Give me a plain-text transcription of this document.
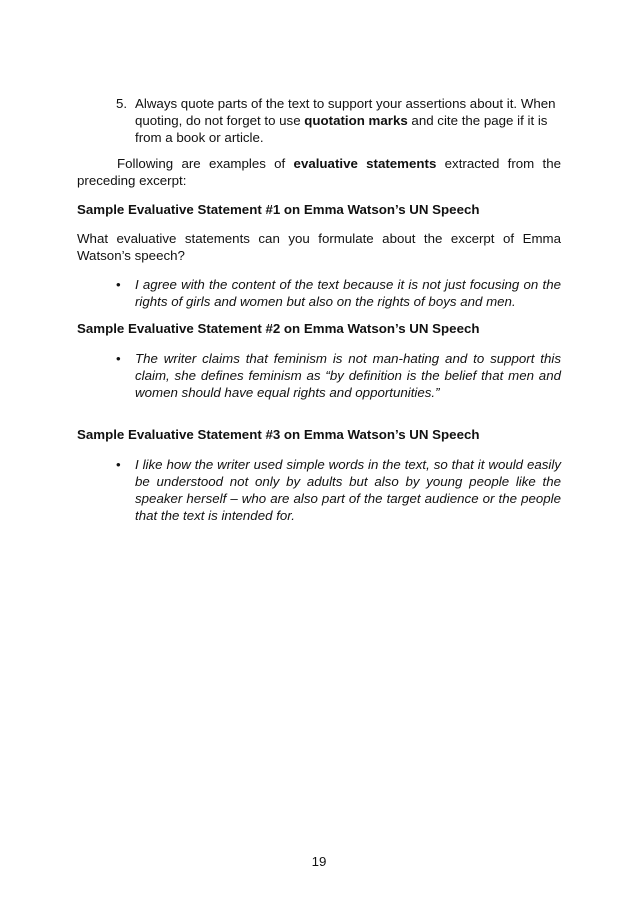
5. Always quote parts of the text to support your assertions about it. When quoting, do not forget to use quotation marks and cite the page if it is from a book or article.
Following are examples of evaluative statements extracted from the preceding excerpt:
Sample Evaluative Statement #1 on Emma Watson’s UN Speech
What evaluative statements can you formulate about the excerpt of Emma Watson’s speech?
• I agree with the content of the text because it is not just focusing on the rights of girls and women but also on the rights of boys and men.
Sample Evaluative Statement #2 on Emma Watson’s UN Speech
• The writer claims that feminism is not man-hating and to support this claim, she defines feminism as “by definition is the belief that men and women should have equal rights and opportunities.”
Sample Evaluative Statement #3 on Emma Watson’s UN Speech
• I like how the writer used simple words in the text, so that it would easily be understood not only by adults but also by young people like the speaker herself – who are also part of the target audience or the people that the text is intended for.
19
